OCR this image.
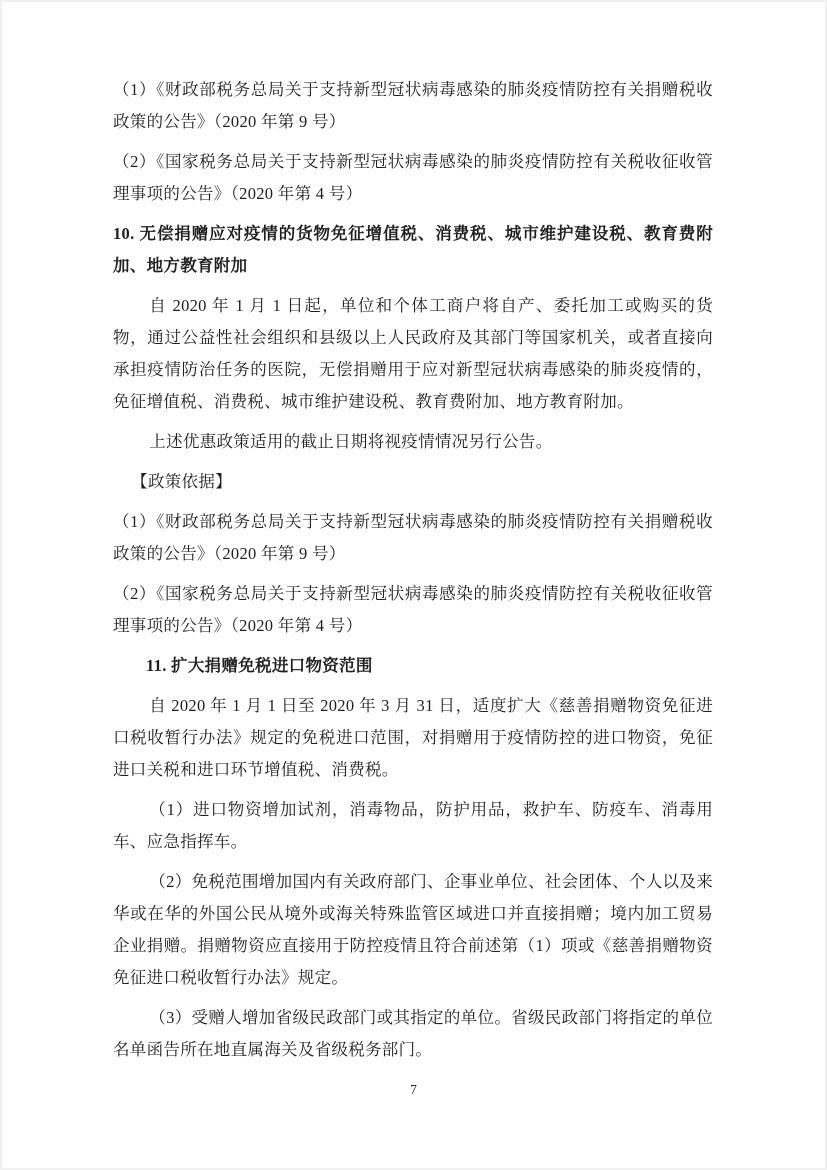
（1）《财政部税务总局关于支持新型冠状病毒感染的肺炎疫情防控有关捐赠税收政策的公告》（2020 年第 9 号）

（2）《国家税务总局关于支持新型冠状病毒感染的肺炎疫情防控有关税收征收管理事项的公告》（2020 年第 4 号）

10. 无偿捐赠应对疫情的货物免征增值税、消费税、城市维护建设税、教育费附加、地方教育附加

自 2020 年 1 月 1 日起，单位和个体工商户将自产、委托加工或购买的货物，通过公益性社会组织和县级以上人民政府及其部门等国家机关，或者直接向承担疫情防治任务的医院，无偿捐赠用于应对新型冠状病毒感染的肺炎疫情的，免征增值税、消费税、城市维护建设税、教育费附加、地方教育附加。

上述优惠政策适用的截止日期将视疫情情况另行公告。

【政策依据】

（1）《财政部税务总局关于支持新型冠状病毒感染的肺炎疫情防控有关捐赠税收政策的公告》（2020 年第 9 号）

（2）《国家税务总局关于支持新型冠状病毒感染的肺炎疫情防控有关税收征收管理事项的公告》（2020 年第 4 号）

11. 扩大捐赠免税进口物资范围

自 2020 年 1 月 1 日至 2020 年 3 月 31 日，适度扩大《慈善捐赠物资免征进口税收暂行办法》规定的免税进口范围，对捐赠用于疫情防控的进口物资，免征进口关税和进口环节增值税、消费税。

（1）进口物资增加试剂，消毒物品，防护用品，救护车、防疫车、消毒用车、应急指挥车。

（2）免税范围增加国内有关政府部门、企事业单位、社会团体、个人以及来华或在华的外国公民从境外或海关特殊监管区域进口并直接捐赠；境内加工贸易企业捐赠。捐赠物资应直接用于防控疫情且符合前述第（1）项或《慈善捐赠物资免征进口税收暂行办法》规定。

（3）受赠人增加省级民政部门或其指定的单位。省级民政部门将指定的单位名单函告所在地直属海关及省级税务部门。

7
